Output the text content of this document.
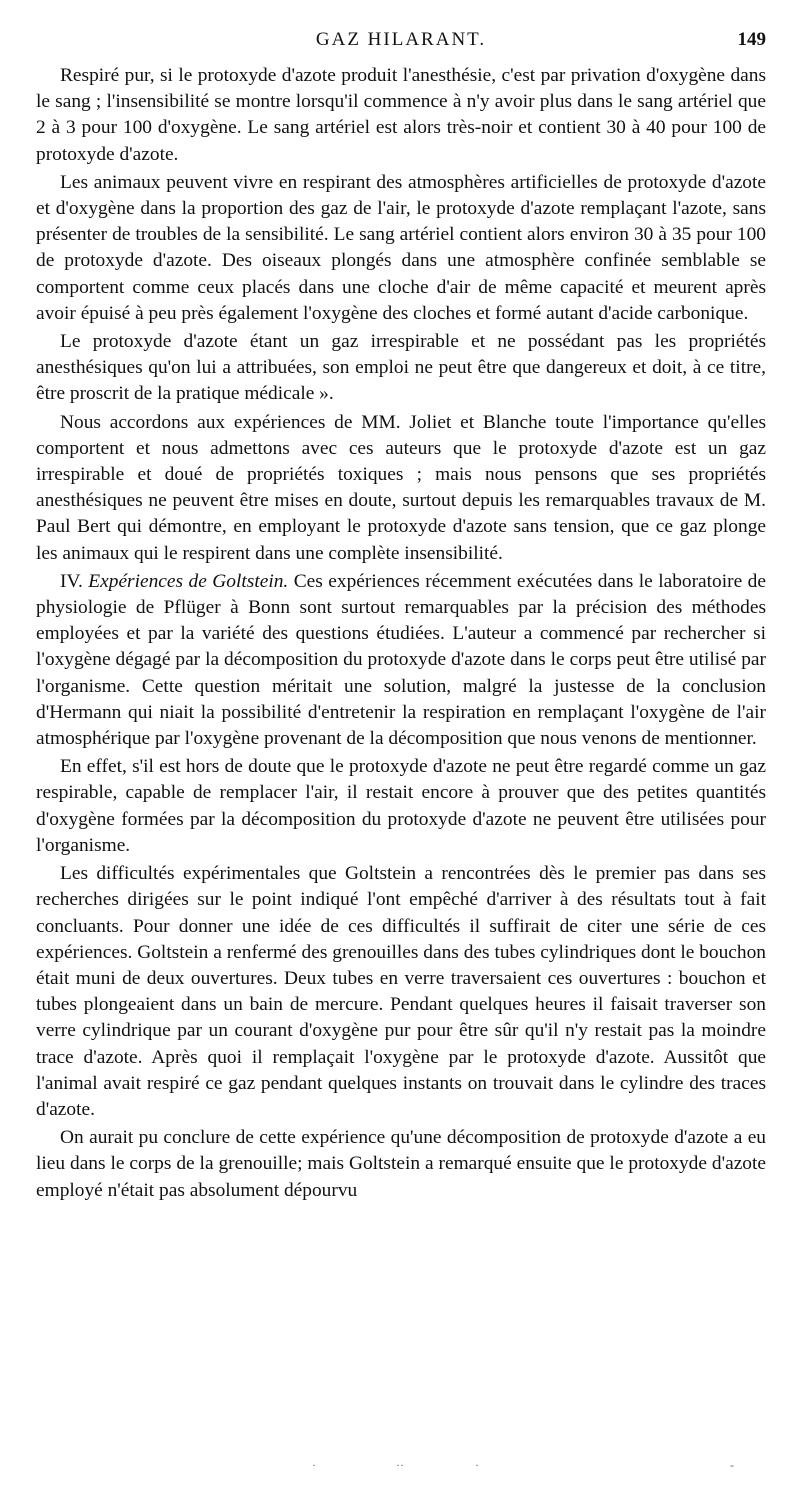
GAZ HILARANT.	149

Respiré pur, si le protoxyde d'azote produit l'anesthésie, c'est par privation d'oxygène dans le sang ; l'insensibilité se montre lorsqu'il commence à n'y avoir plus dans le sang artériel que 2 à 3 pour 100 d'oxygène. Le sang artériel est alors très-noir et contient 30 à 40 pour 100 de protoxyde d'azote.

Les animaux peuvent vivre en respirant des atmosphères artificielles de protoxyde d'azote et d'oxygène dans la proportion des gaz de l'air, le protoxyde d'azote remplaçant l'azote, sans présenter de troubles de la sensibilité. Le sang artériel contient alors environ 30 à 35 pour 100 de protoxyde d'azote. Des oiseaux plongés dans une atmosphère confinée semblable se comportent comme ceux placés dans une cloche d'air de même capacité et meurent après avoir épuisé à peu près également l'oxygène des cloches et formé autant d'acide carbonique.

Le protoxyde d'azote étant un gaz irrespirable et ne possédant pas les propriétés anesthésiques qu'on lui a attribuées, son emploi ne peut être que dangereux et doit, à ce titre, être proscrit de la pratique médicale ».

Nous accordons aux expériences de MM. Joliet et Blanche toute l'importance qu'elles comportent et nous admettons avec ces auteurs que le protoxyde d'azote est un gaz irrespirable et doué de propriétés toxiques ; mais nous pensons que ses propriétés anesthésiques ne peuvent être mises en doute, surtout depuis les remarquables travaux de M. Paul Bert qui démontre, en employant le protoxyde d'azote sans tension, que ce gaz plonge les animaux qui le respirent dans une complète insensibilité.

IV. Expériences de Goltstein. Ces expériences récemment exécutées dans le laboratoire de physiologie de Pflüger à Bonn sont surtout remarquables par la précision des méthodes employées et par la variété des questions étudiées. L'auteur a commencé par rechercher si l'oxygène dégagé par la décomposition du protoxyde d'azote dans le corps peut être utilisé par l'organisme. Cette question méritait une solution, malgré la justesse de la conclusion d'Hermann qui niait la possibilité d'entretenir la respiration en remplaçant l'oxygène de l'air atmosphérique par l'oxygène provenant de la décomposition que nous venons de mentionner.

En effet, s'il est hors de doute que le protoxyde d'azote ne peut être regardé comme un gaz respirable, capable de remplacer l'air, il restait encore à prouver que des petites quantités d'oxygène formées par la décomposition du protoxyde d'azote ne peuvent être utilisées pour l'organisme.

Les difficultés expérimentales que Goltstein a rencontrées dès le premier pas dans ses recherches dirigées sur le point indiqué l'ont empêché d'arriver à des résultats tout à fait concluants. Pour donner une idée de ces difficultés il suffirait de citer une série de ces expériences. Goltstein a renfermé des grenouilles dans des tubes cylindriques dont le bouchon était muni de deux ouvertures. Deux tubes en verre traversaient ces ouvertures : bouchon et tubes plongeaient dans un bain de mercure. Pendant quelques heures il faisait traverser son verre cylindrique par un courant d'oxygène pur pour être sûr qu'il n'y restait pas la moindre trace d'azote. Après quoi il remplaçait l'oxygène par le protoxyde d'azote. Aussitôt que l'animal avait respiré ce gaz pendant quelques instants on trouvait dans le cylindre des traces d'azote.

On aurait pu conclure de cette expérience qu'une décomposition de protoxyde d'azote a eu lieu dans le corps de la grenouille; mais Goltstein a remarqué ensuite que le protoxyde d'azote employé n'était pas absolument dépourvu

·	··	·	-
